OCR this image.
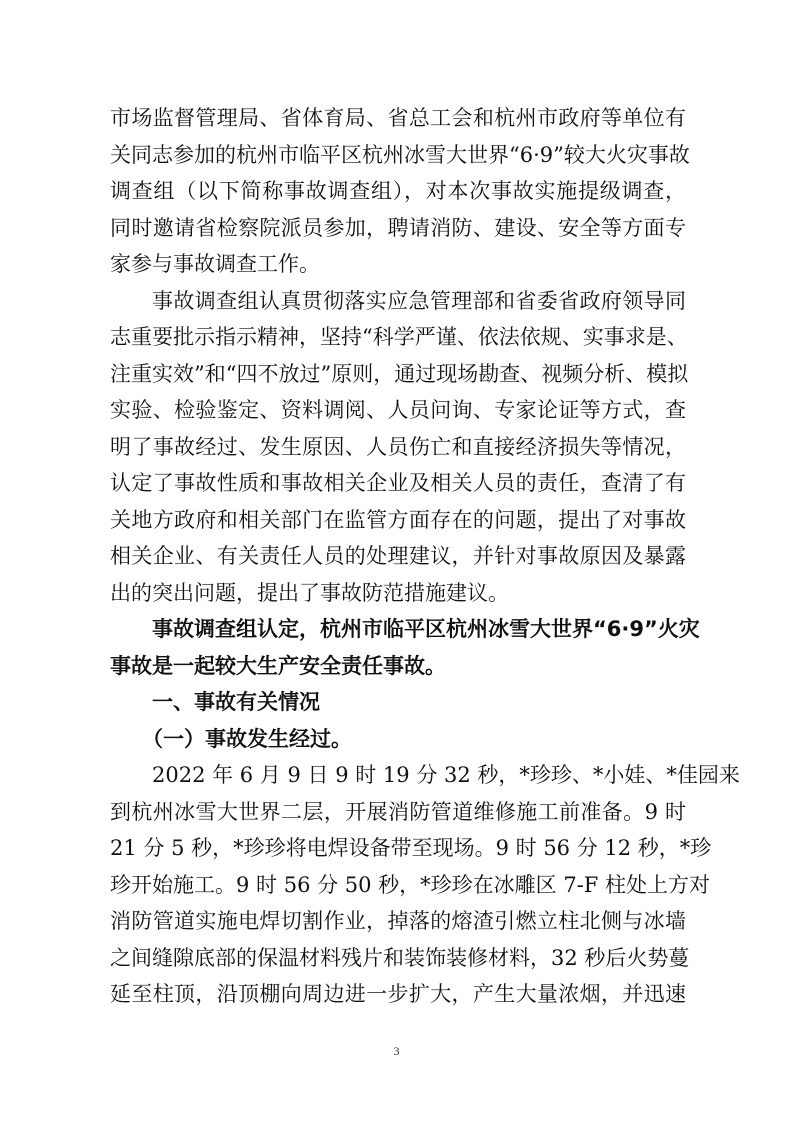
市场监督管理局、省体育局、省总工会和杭州市政府等单位有
关同志参加的杭州市临平区杭州冰雪大世界“6·9”较大火灾事故
调查组（以下简称事故调查组），对本次事故实施提级调查，
同时邀请省检察院派员参加，聘请消防、建设、安全等方面专
家参与事故调查工作。
事故调查组认真贯彻落实应急管理部和省委省政府领导同
志重要批示指示精神，坚持“科学严谨、依法依规、实事求是、
注重实效”和“四不放过”原则，通过现场勘查、视频分析、模拟
实验、检验鉴定、资料调阅、人员问询、专家论证等方式，查
明了事故经过、发生原因、人员伤亡和直接经济损失等情况，
认定了事故性质和事故相关企业及相关人员的责任，查清了有
关地方政府和相关部门在监管方面存在的问题，提出了对事故
相关企业、有关责任人员的处理建议，并针对事故原因及暴露
出的突出问题，提出了事故防范措施建议。
事故调查组认定，杭州市临平区杭州冰雪大世界“6·9”火灾
事故是一起较大生产安全责任事故。
一、事故有关情况
（一）事故发生经过。
2022 年 6 月 9 日 9 时 19 分 32 秒，*珍珍、*小娃、*佳园来
到杭州冰雪大世界二层，开展消防管道维修施工前准备。9 时
21 分 5 秒，*珍珍将电焊设备带至现场。9 时 56 分 12 秒，*珍
珍开始施工。9 时 56 分 50 秒，*珍珍在冰雕区 7-F 柱处上方对
消防管道实施电焊切割作业，掉落的熔渣引燃立柱北侧与冰墙
之间缝隙底部的保温材料残片和装饰装修材料，32 秒后火势蔓
延至柱顶，沿顶棚向周边进一步扩大，产生大量浓烟，并迅速
3
